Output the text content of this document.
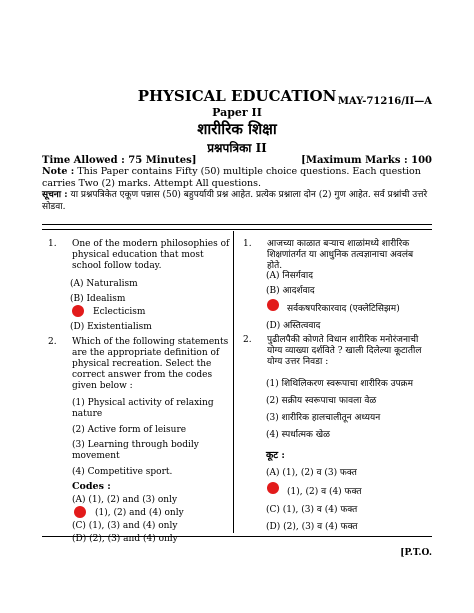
MAY-71216/II—A
PHYSICAL EDUCATION
Paper II
शारीरिक शिक्षा
प्रश्नपत्रिका II
Time Allowed : 75 Minutes]	[Maximum Marks : 100
Note : This Paper contains Fifty (50) multiple choice questions. Each question carries Two (2) marks. Attempt All questions.
सूचना : या प्रश्नपत्रिकेत एकूण पन्नास (50) बहुपर्यायी प्रश्न आहेत. प्रत्येक प्रश्नाला दोन (2) गुण आहेत. सर्व प्रश्नांची उत्तरे सोडवा.
1. One of the modern philosophies of physical education that most school follow today.
(A) Naturalism
(B) Idealism
Eclecticism
(D) Existentialism
2. Which of the following statements are the appropriate definition of physical recreation. Select the correct answer from the codes given below :
(1) Physical activity of relaxing nature
(2) Active form of leisure
(3) Learning through bodily movement
(4) Competitive sport.
Codes :
(A) (1), (2) and (3) only
(1), (2) and (4) only
(C) (1), (3) and (4) only
(D) (2), (3) and (4) only
1. आजच्या काळात बऱ्याच शाळांमध्ये शारीरिक शिक्षणांतर्गत या आधुनिक तत्वज्ञानाचा अवलंब होते.
(A) निसर्गवाद
(B) आदर्शवाद
सर्वकषपरिकारवाद (एक्लेटिसिझम)
(D) अस्तित्ववाद
2. पुढीलपैकी कोणते विधान शारीरिक मनोरंजनाची योग्य व्याख्या दर्शविते ? खाली दिलेल्या कूटातील योग्य उत्तर निवडा :
(1) शिथिलिकरण स्वरूपाचा शारीरिक उपक्रम
(2) सक्रीय स्वरूपाचा फावला वेळ
(3) शारीरिक हालचालीतून अध्ययन
(4) स्पर्धात्मक खेळ
कूट :
(A) (1), (2) व (3) फक्त
(1), (2) व (4) फक्त
(C) (1), (3) व (4) फक्त
(D) (2), (3) व (4) फक्त
[P.T.O.
